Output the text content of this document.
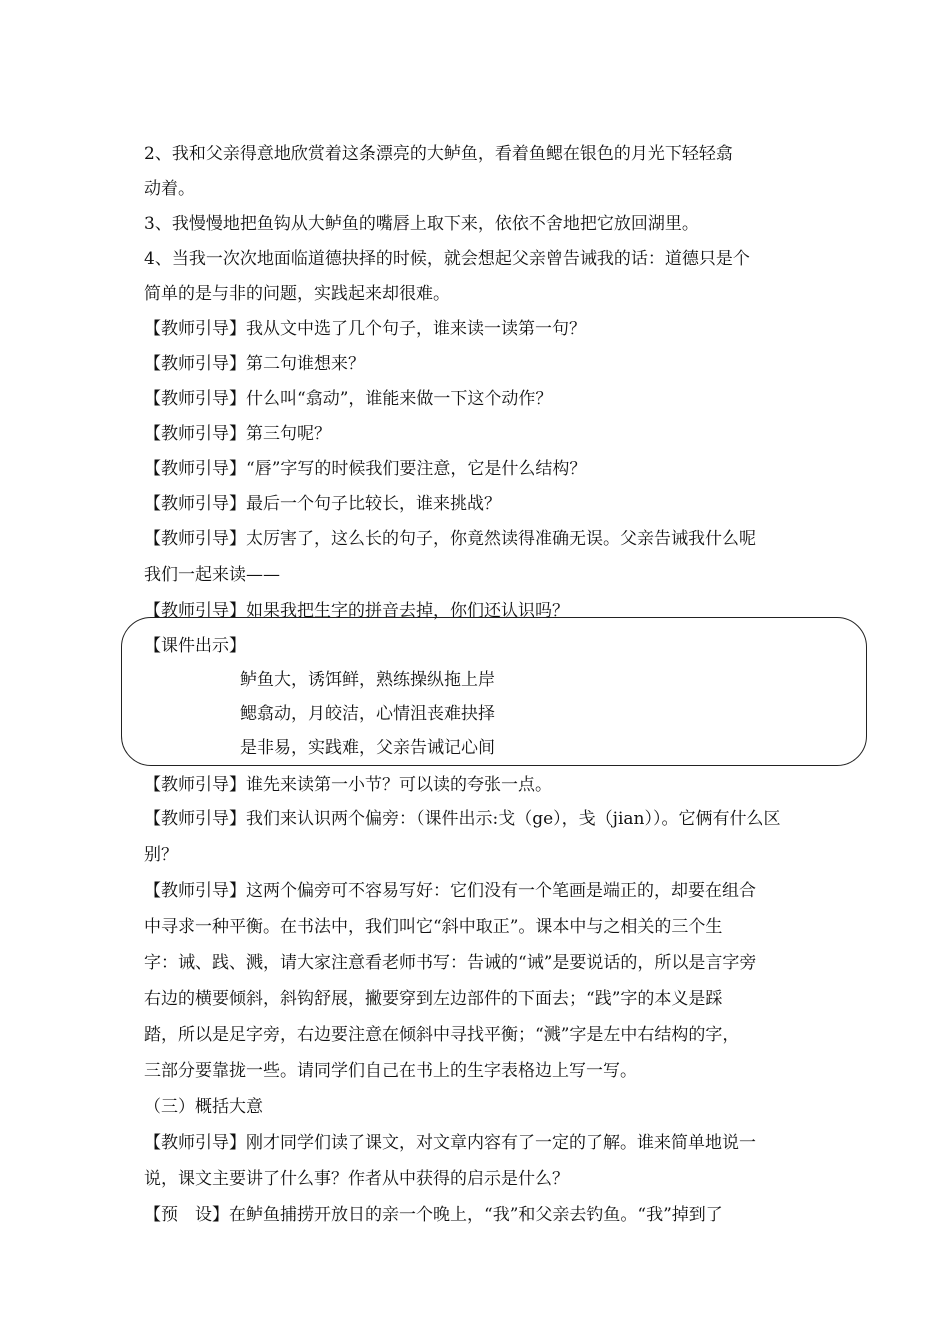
2、我和父亲得意地欣赏着这条漂亮的大鲈鱼，看着鱼鳃在银色的月光下轻轻翕

动着。

3、我慢慢地把鱼钩从大鲈鱼的嘴唇上取下来，依依不舍地把它放回湖里。

4、当我一次次地面临道德抉择的时候，就会想起父亲曾告诫我的话：道德只是个

简单的是与非的问题，实践起来却很难。

【教师引导】我从文中选了几个句子，谁来读一读第一句？

【教师引导】第二句谁想来？

【教师引导】什么叫“翕动”，谁能来做一下这个动作？

【教师引导】第三句呢？

【教师引导】“唇”字写的时候我们要注意，它是什么结构？

【教师引导】最后一个句子比较长，谁来挑战？

【教师引导】太厉害了，这么长的句子，你竟然读得准确无误。父亲告诫我什么呢

我们一起来读——

【教师引导】如果我把生字的拼音去掉，你们还认识吗？

【课件出示】

鲈鱼大，诱饵鲜，熟练操纵拖上岸

鳃翕动，月皎洁，心情沮丧难抉择

是非易，实践难，父亲告诫记心间

【教师引导】谁先来读第一小节？可以读的夸张一点。

【教师引导】我们来认识两个偏旁：（课件出示:戈（ge），戋（jian））。它俩有什么区

别？

【教师引导】这两个偏旁可不容易写好：它们没有一个笔画是端正的，却要在组合

中寻求一种平衡。在书法中，我们叫它“斜中取正”。课本中与之相关的三个生

字：诫、践、溅，请大家注意看老师书写：告诫的“诫”是要说话的，所以是言字旁

右边的横要倾斜，斜钩舒展，撇要穿到左边部件的下面去；“践”字的本义是踩

踏，所以是足字旁，右边要注意在倾斜中寻找平衡；“溅”字是左中右结构的字，

三部分要靠拢一些。请同学们自己在书上的生字表格边上写一写。

（三）概括大意

【教师引导】刚才同学们读了课文，对文章内容有了一定的了解。谁来简单地说一

说，课文主要讲了什么事？作者从中获得的启示是什么？

【预　设】在鲈鱼捕捞开放日的亲一个晚上，“我”和父亲去钓鱼。“我”掉到了
